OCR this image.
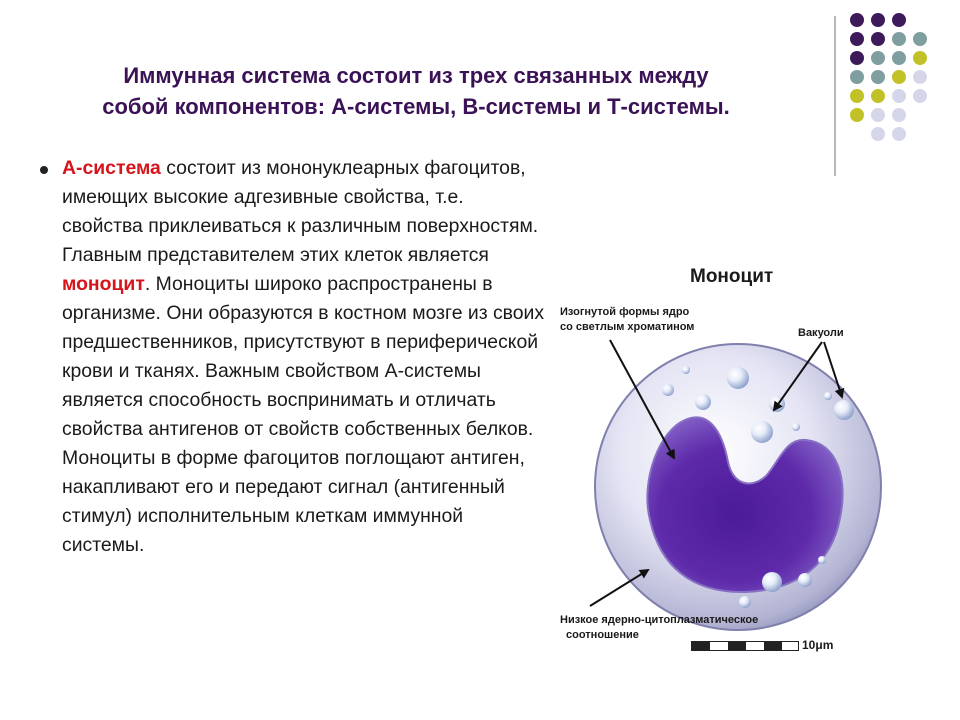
Иммунная система состоит из трех связанных между
собой компонентов: А-системы, В-системы и Т-системы.

А-система состоит из мононуклеарных фагоцитов, имеющих высокие адгезивные свойства, т.е. свойства приклеиваться к различным поверхностям. Главным представителем этих клеток является моноцит. Моноциты широко распространены в организме. Они образуются в костном мозге из своих предшественников, присутствуют в периферической крови и тканях. Важным свойством А-системы является способность воспринимать и отличать свойства антигенов от свойств собственных белков. Моноциты в форме фагоцитов поглощают антиген, накапливают его и передают сигнал (антигенный стимул) исполнительным клеткам иммунной системы.

Моноцит
Изогнутой формы ядро
со светлым хроматином	Вакуоли
Низкое ядерно-цитоплазматическое
соотношение
10μm
